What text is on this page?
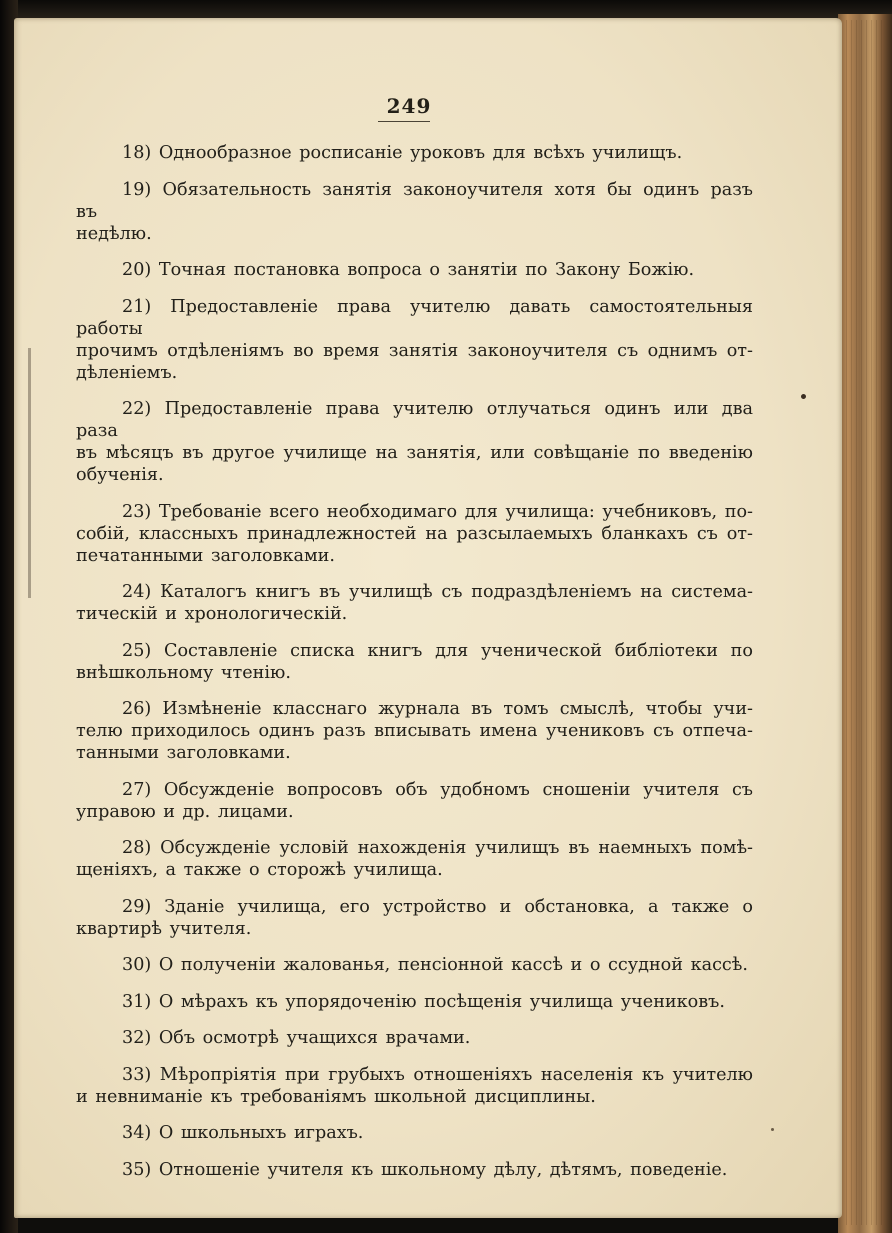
249
18) Однообразное росписаніе уроковъ для всѣхъ училищъ.
19) Обязательность занятія законоучителя хотя бы одинъ разъ въ
недѣлю.
20) Точная постановка вопроса о занятіи по Закону Божію.
21) Предоставленіе права учителю давать самостоятельныя работы
прочимъ отдѣленіямъ во время занятія законоучителя съ однимъ от-
дѣленіемъ.
22) Предоставленіе права учителю отлучаться одинъ или два раза
въ мѣсяцъ въ другое училище на занятія, или совѣщаніе по введенію
обученія.
23) Требованіе всего необходимаго для училища: учебниковъ, по-
собій, классныхъ принадлежностей на разсылаемыхъ бланкахъ съ от-
печатанными заголовками.
24) Каталогъ книгъ въ училищѣ съ подраздѣленіемъ на система-
тическій и хронологическій.
25) Составленіе списка книгъ для ученической библіотеки по
внѣшкольному чтенію.
26) Измѣненіе класснаго журнала въ томъ смыслѣ, чтобы учи-
телю приходилось одинъ разъ вписывать имена учениковъ съ отпеча-
танными заголовками.
27) Обсужденіе вопросовъ объ удобномъ сношеніи учителя съ
управою и др. лицами.
28) Обсужденіе условій нахожденія училищъ въ наемныхъ помѣ-
щеніяхъ, а также о сторожѣ училища.
29) Зданіе училища, его устройство и обстановка, а также о
квартирѣ учителя.
30) О полученіи жалованья, пенсіонной кассѣ и о ссудной кассѣ.
31) О мѣрахъ къ упорядоченію посѣщенія училища учениковъ.
32) Объ осмотрѣ учащихся врачами.
33) Мѣропріятія при грубыхъ отношеніяхъ населенія къ учителю
и невниманіе къ требованіямъ школьной дисциплины.
34) О школьныхъ играхъ.
35) Отношеніе учителя къ школьному дѣлу, дѣтямъ, поведеніе.
